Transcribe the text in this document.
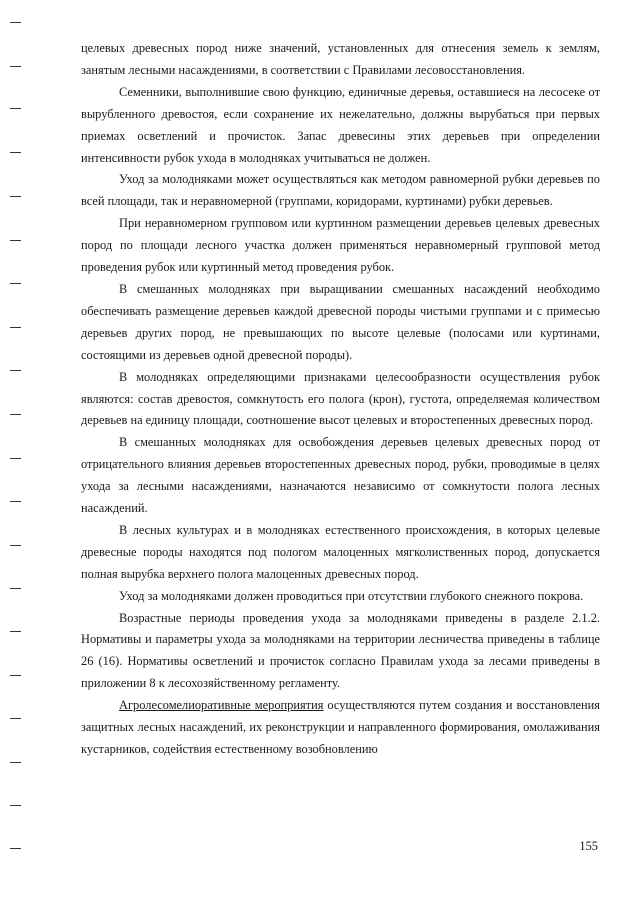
целевых древесных пород ниже значений, установленных для отнесения земель к землям, занятым лесными насаждениями, в соответствии с Правилами лесовосстановления.

Семенники, выполнившие свою функцию, единичные деревья, оставшиеся на лесосеке от вырубленного древостоя, если сохранение их нежелательно, должны вырубаться при первых приемах осветлений и прочисток. Запас древесины этих деревьев при определении интенсивности рубок ухода в молодняках учитываться не должен.

Уход за молодняками может осуществляться как методом равномерной рубки деревьев по всей площади, так и неравномерной (группами, коридорами, куртинами) рубки деревьев.

При неравномерном групповом или куртинном размещении деревьев целевых древесных пород по площади лесного участка должен применяться неравномерный групповой метод проведения рубок или куртинный метод проведения рубок.

В смешанных молодняках при выращивании смешанных насаждений необходимо обеспечивать размещение деревьев каждой древесной породы чистыми группами и с примесью деревьев других пород, не превышающих по высоте целевые (полосами или куртинами, состоящими из деревьев одной древесной породы).

В молодняках определяющими признаками целесообразности осуществления рубок являются: состав древостоя, сомкнутость его полога (крон), густота, определяемая количеством деревьев на единицу площади, соотношение высот целевых и второстепенных древесных пород.

В смешанных молодняках для освобождения деревьев целевых древесных пород от отрицательного влияния деревьев второстепенных древесных пород, рубки, проводимые в целях ухода за лесными насаждениями, назначаются независимо от сомкнутости полога лесных насаждений.

В лесных культурах и в молодняках естественного происхождения, в которых целевые древесные породы находятся под пологом малоценных мягколиственных пород, допускается полная вырубка верхнего полога малоценных древесных пород.

Уход за молодняками должен проводиться при отсутствии глубокого снежного покрова.

Возрастные периоды проведения ухода за молодняками приведены в разделе 2.1.2. Нормативы и параметры ухода за молодняками на территории лесничества приведены в таблице 26 (16). Нормативы осветлений и прочисток согласно Правилам ухода за лесами приведены в приложении 8 к лесохозяйственному регламенту.

Агролесомелиоративные мероприятия осуществляются путем создания и восстановления защитных лесных насаждений, их реконструкции и направленного формирования, омолаживания кустарников, содействия естественному возобновлению

155
